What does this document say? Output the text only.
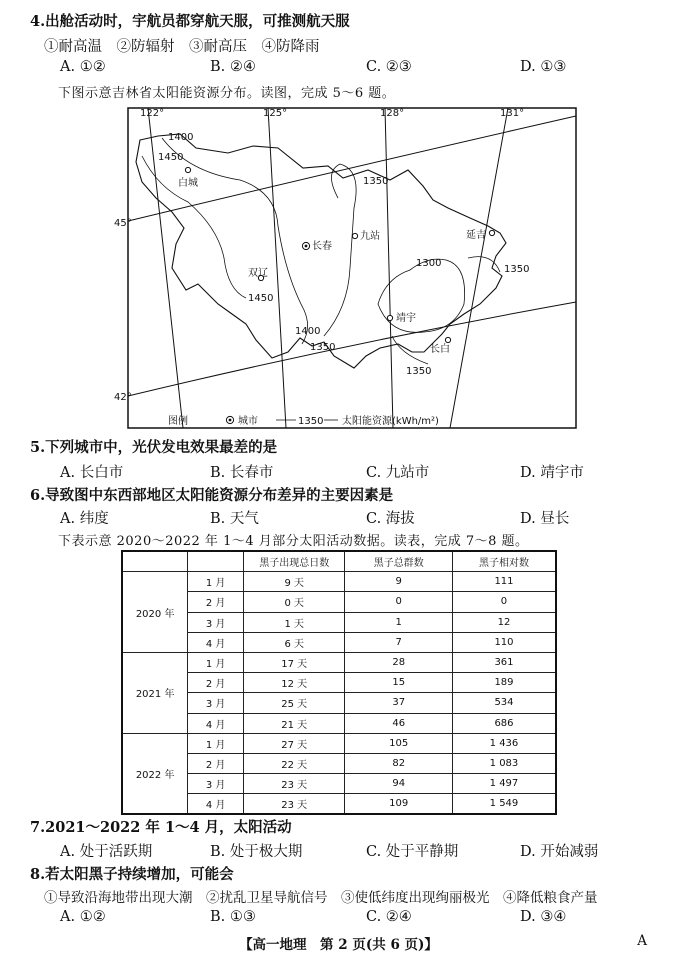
4.出舱活动时，宇航员都穿航天服，可推测航天服
①耐高温　②防辐射　③耐高压　④防降雨
A. ①②	B. ②④	C. ②③	D. ①③
下图示意吉林省太阳能资源分布。读图，完成 5～6 题。
122°	125°	128°	131°
45°
42°
1400
1450
1350
1300
1350
1450
1400
1350
1350
白城
长春
九站	延吉
双辽
靖宇
长白
图例	城市	1350 太阳能资源(kWh/m²)
5.下列城市中，光伏发电效果最差的是
A. 长白市	B. 长春市	C. 九站市	D. 靖宇市
6.导致图中东西部地区太阳能资源分布差异的主要因素是
A. 纬度	B. 天气	C. 海拔	D. 昼长
下表示意 2020～2022 年 1～4 月部分太阳活动数据。读表，完成 7～8 题。
		黑子出现总日数	黑子总群数	黑子相对数
2020 年	1 月	9 天	9	111
	2 月	0 天	0	0
	3 月	1 天	1	12
	4 月	6 天	7	110
2021 年	1 月	17 天	28	361
	2 月	12 天	15	189
	3 月	25 天	37	534
	4 月	21 天	46	686
2022 年	1 月	27 天	105	1 436
	2 月	22 天	82	1 083
	3 月	23 天	94	1 497
	4 月	23 天	109	1 549
7.2021～2022 年 1～4 月，太阳活动
A. 处于活跃期	B. 处于极大期	C. 处于平静期	D. 开始减弱
8.若太阳黑子持续增加，可能会
①导致沿海地带出现大潮　②扰乱卫星导航信号　③使低纬度出现绚丽极光　④降低粮食产量
A. ①②	B. ①③	C. ②④	D. ③④
【高一地理　第 2 页(共 6 页)】	A
